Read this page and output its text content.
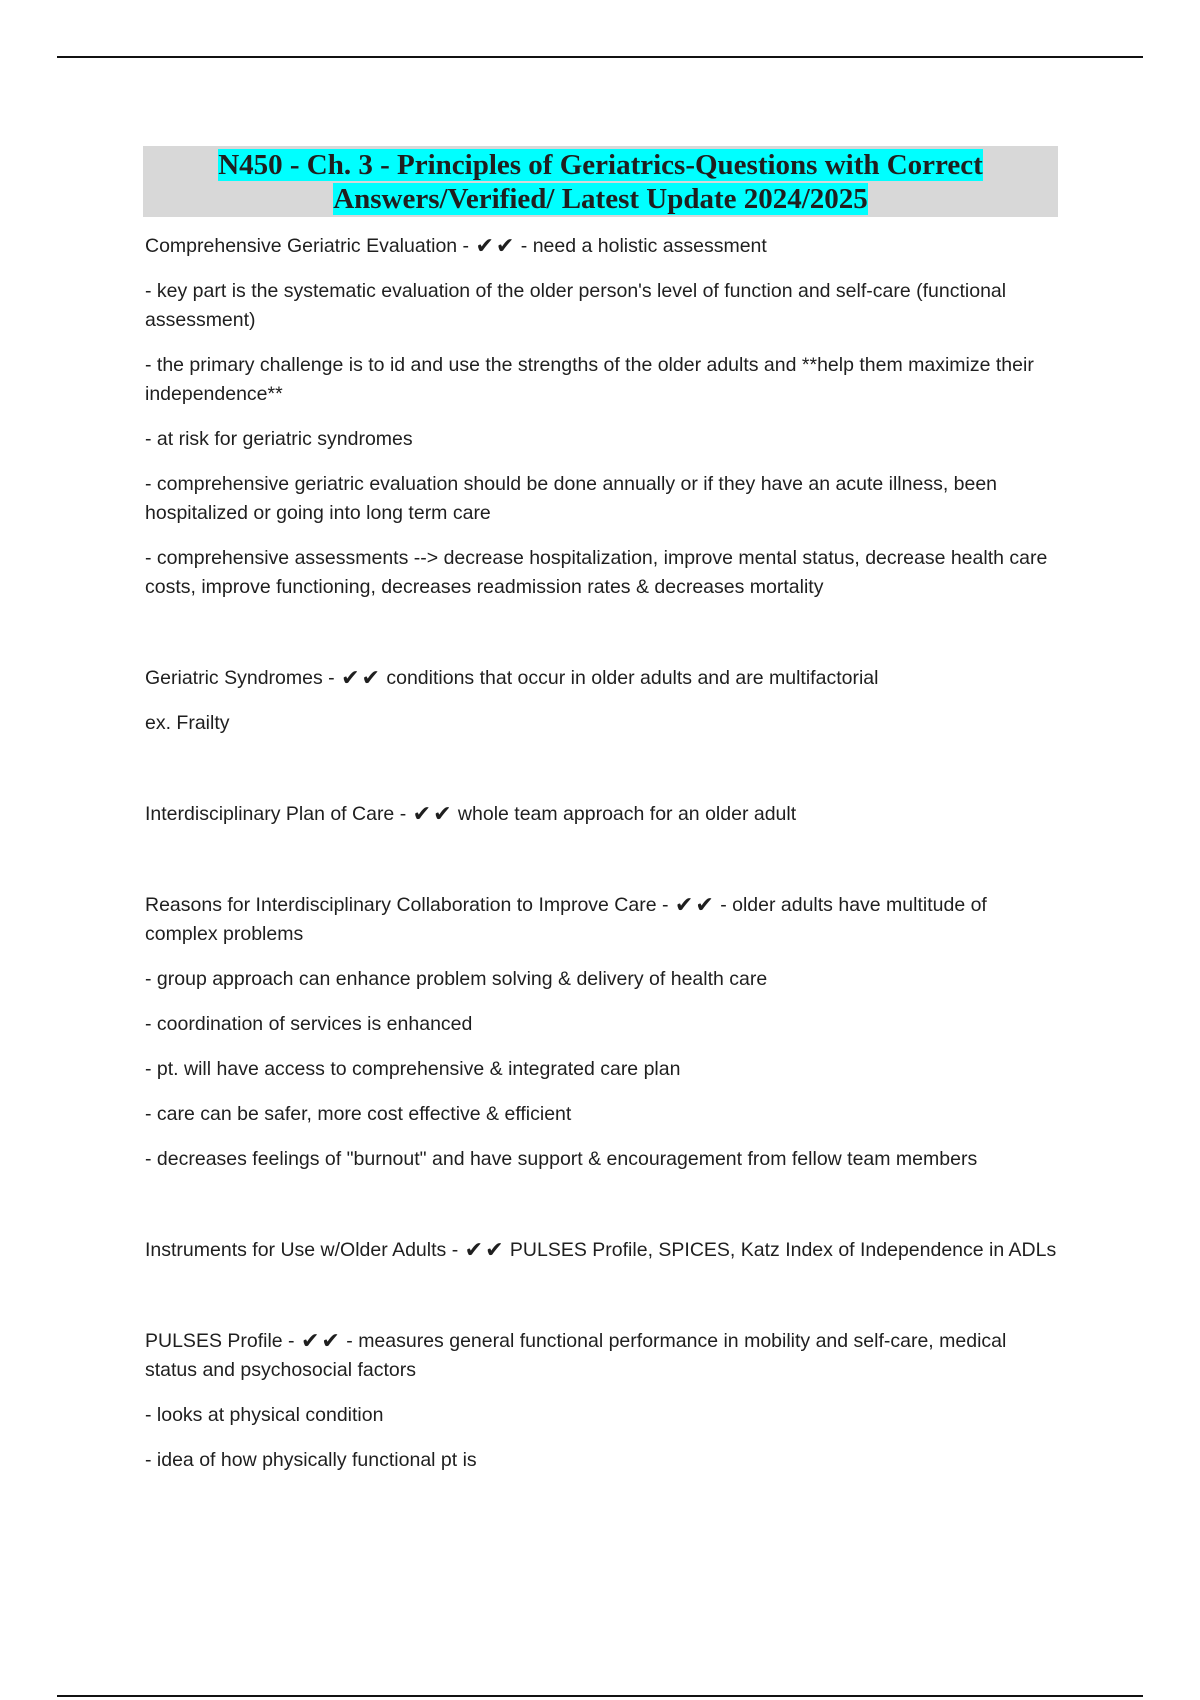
N450 - Ch. 3 - Principles of Geriatrics-Questions with Correct
Answers/Verified/ Latest Update 2024/2025

Comprehensive Geriatric Evaluation - ✔✔ - need a holistic assessment

- key part is the systematic evaluation of the older person's level of function and self-care (functional assessment)

- the primary challenge is to id and use the strengths of the older adults and **help them maximize their independence**

- at risk for geriatric syndromes

- comprehensive geriatric evaluation should be done annually or if they have an acute illness, been hospitalized or going into long term care

- comprehensive assessments --> decrease hospitalization, improve mental status, decrease health care costs, improve functioning, decreases readmission rates & decreases mortality

Geriatric Syndromes - ✔✔ conditions that occur in older adults and are multifactorial

ex. Frailty

Interdisciplinary Plan of Care - ✔✔ whole team approach for an older adult

Reasons for Interdisciplinary Collaboration to Improve Care - ✔✔ - older adults have multitude of complex problems

- group approach can enhance problem solving & delivery of health care

- coordination of services is enhanced

- pt. will have access to comprehensive & integrated care plan

- care can be safer, more cost effective & efficient

- decreases feelings of "burnout" and have support & encouragement from fellow team members

Instruments for Use w/Older Adults - ✔✔ PULSES Profile, SPICES, Katz Index of Independence in ADLs

PULSES Profile - ✔✔ - measures general functional performance in mobility and self-care, medical status and psychosocial factors

- looks at physical condition

- idea of how physically functional pt is
